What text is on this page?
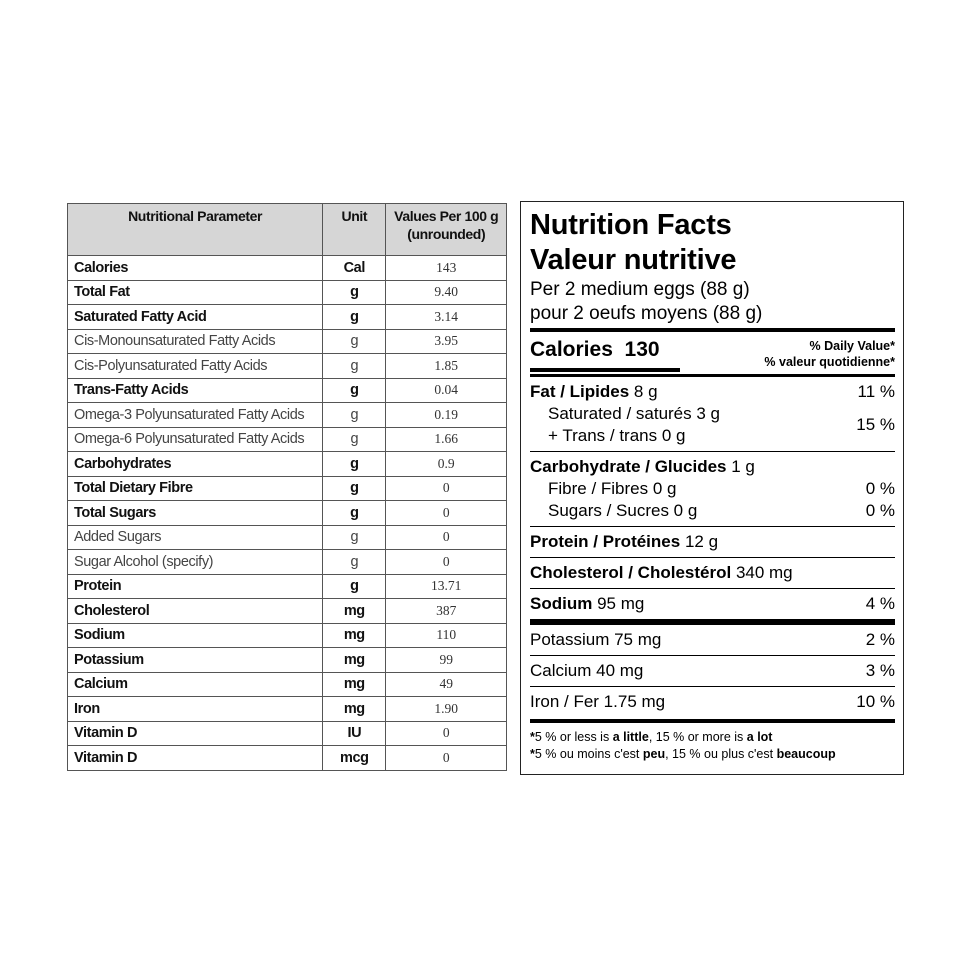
Nutritional Parameter	Unit	Values Per 100 g
(unrounded)
Calories	Cal	143
Total Fat	g	9.40
Saturated Fatty Acid	g	3.14
Cis-Monounsaturated Fatty Acids	g	3.95
Cis-Polyunsaturated Fatty Acids	g	1.85
Trans-Fatty Acids	g	0.04
Omega-3 Polyunsaturated Fatty Acids	g	0.19
Omega-6 Polyunsaturated Fatty Acids	g	1.66
Carbohydrates	g	0.9
Total Dietary Fibre	g	0
Total Sugars	g	0
Added Sugars	g	0
Sugar Alcohol (specify)	g	0
Protein	g	13.71
Cholesterol	mg	387
Sodium	mg	110
Potassium	mg	99
Calcium	mg	49
Iron	mg	1.90
Vitamin D	IU	0
Vitamin D	mcg	0
Nutrition Facts
Valeur nutritive
Per 2 medium eggs (88 g)
pour 2 oeufs moyens (88 g)
Calories 130	% Daily Value*
% valeur quotidienne*
Fat / Lipides 8 g	11 %
Saturated / saturés 3 g
+ Trans / trans 0 g
15 %
Carbohydrate / Glucides 1 g
Fibre / Fibres 0 g	0 %
Sugars / Sucres 0 g	0 %
Protein / Protéines 12 g
Cholesterol / Cholestérol 340 mg
Sodium 95 mg	4 %
Potassium 75 mg	2 %
Calcium 40 mg	3 %
Iron / Fer 1.75 mg	10 %
*5 % or less is a little, 15 % or more is a lot
*5 % ou moins c'est peu, 15 % ou plus c'est beaucoup
